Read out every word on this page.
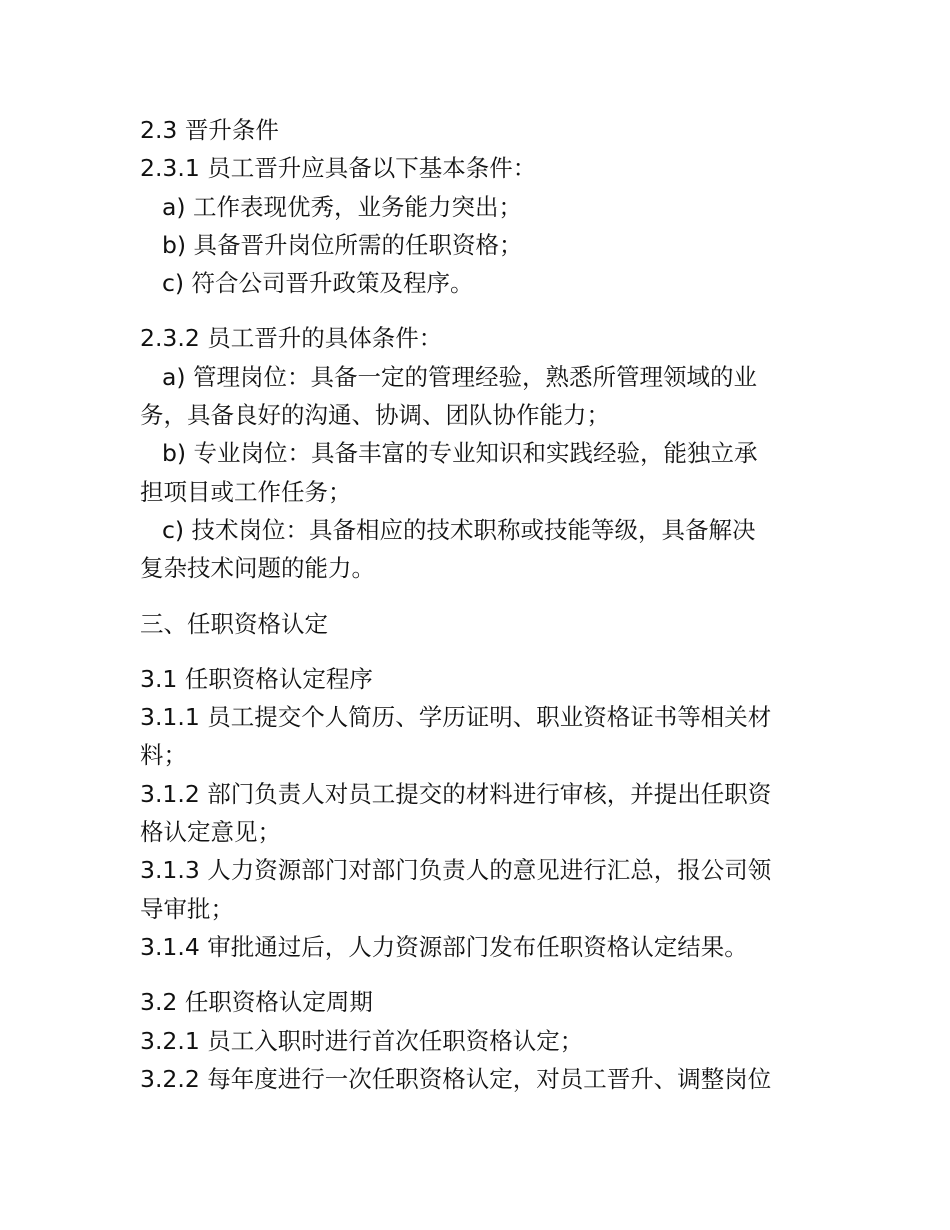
2.3 晋升条件
2.3.1 员工晋升应具备以下基本条件：
a) 工作表现优秀，业务能力突出；
b) 具备晋升岗位所需的任职资格；
c) 符合公司晋升政策及程序。
2.3.2 员工晋升的具体条件：
a) 管理岗位：具备一定的管理经验，熟悉所管理领域的业
务，具备良好的沟通、协调、团队协作能力；
b) 专业岗位：具备丰富的专业知识和实践经验，能独立承
担项目或工作任务；
c) 技术岗位：具备相应的技术职称或技能等级，具备解决
复杂技术问题的能力。
三、任职资格认定
3.1 任职资格认定程序
3.1.1 员工提交个人简历、学历证明、职业资格证书等相关材
料；
3.1.2 部门负责人对员工提交的材料进行审核，并提出任职资
格认定意见；
3.1.3 人力资源部门对部门负责人的意见进行汇总，报公司领
导审批；
3.1.4 审批通过后，人力资源部门发布任职资格认定结果。
3.2 任职资格认定周期
3.2.1 员工入职时进行首次任职资格认定；
3.2.2 每年度进行一次任职资格认定，对员工晋升、调整岗位
